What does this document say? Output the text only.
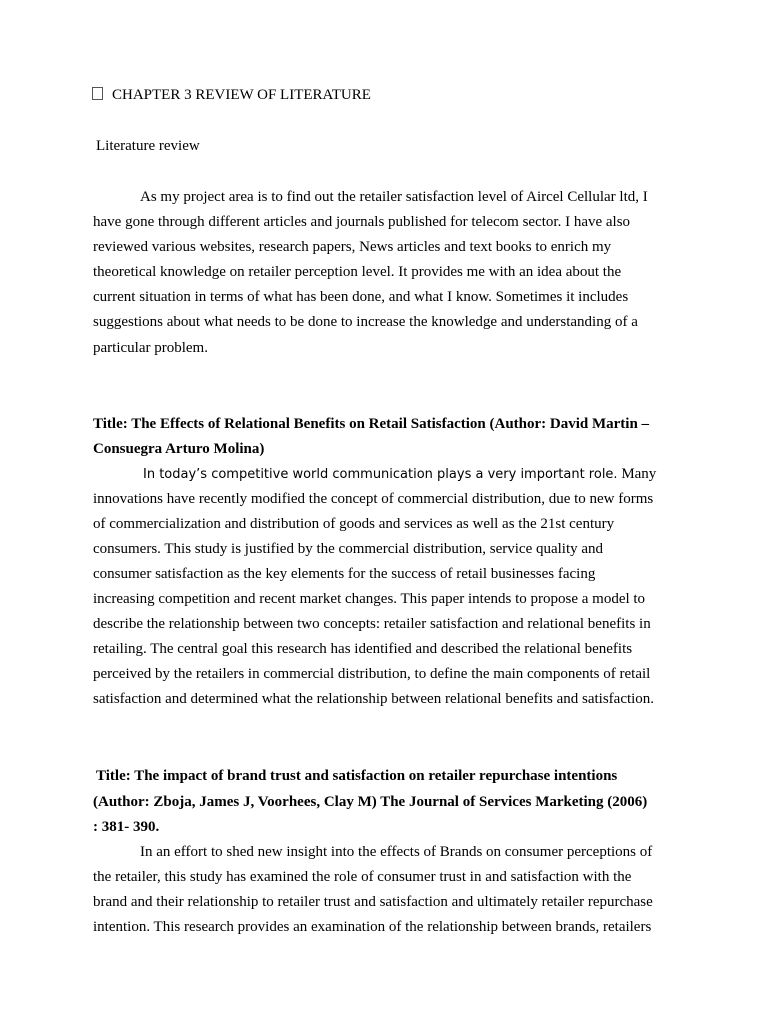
CHAPTER 3 REVIEW OF LITERATURE

Literature review

As my project area is to find out the retailer satisfaction level of Aircel Cellular ltd, I

have gone through different articles and journals published for telecom sector. I have also

reviewed various websites, research papers, News articles and text books to enrich my

theoretical knowledge on retailer perception level. It provides me with an idea about the

current situation in terms of what has been done, and what I know. Sometimes it includes

suggestions about what needs to be done to increase the knowledge and understanding of a

particular problem.

Title: The Effects of Relational Benefits on Retail Satisfaction (Author: David Martin –

Consuegra Arturo Molina)

In today’s competitive world communication plays a very important role. Many

innovations have recently modified the concept of commercial distribution, due to new forms

of commercialization and distribution of goods and services as well as the 21st century

consumers. This study is justified by the commercial distribution, service quality and

consumer satisfaction as the key elements for the success of retail businesses facing

increasing competition and recent market changes. This paper intends to propose a model to

describe the relationship between two concepts: retailer satisfaction and relational benefits in

retailing. The central goal this research has identified and described the relational benefits

perceived by the retailers in commercial distribution, to define the main components of retail

satisfaction and determined what the relationship between relational benefits and satisfaction.

Title: The impact of brand trust and satisfaction on retailer repurchase intentions

(Author: Zboja, James J, Voorhees, Clay M) The Journal of Services Marketing (2006)

: 381- 390.

In an effort to shed new insight into the effects of Brands on consumer perceptions of

the retailer, this study has examined the role of consumer trust in and satisfaction with the

brand and their relationship to retailer trust and satisfaction and ultimately retailer repurchase

intention. This research provides an examination of the relationship between brands, retailers
